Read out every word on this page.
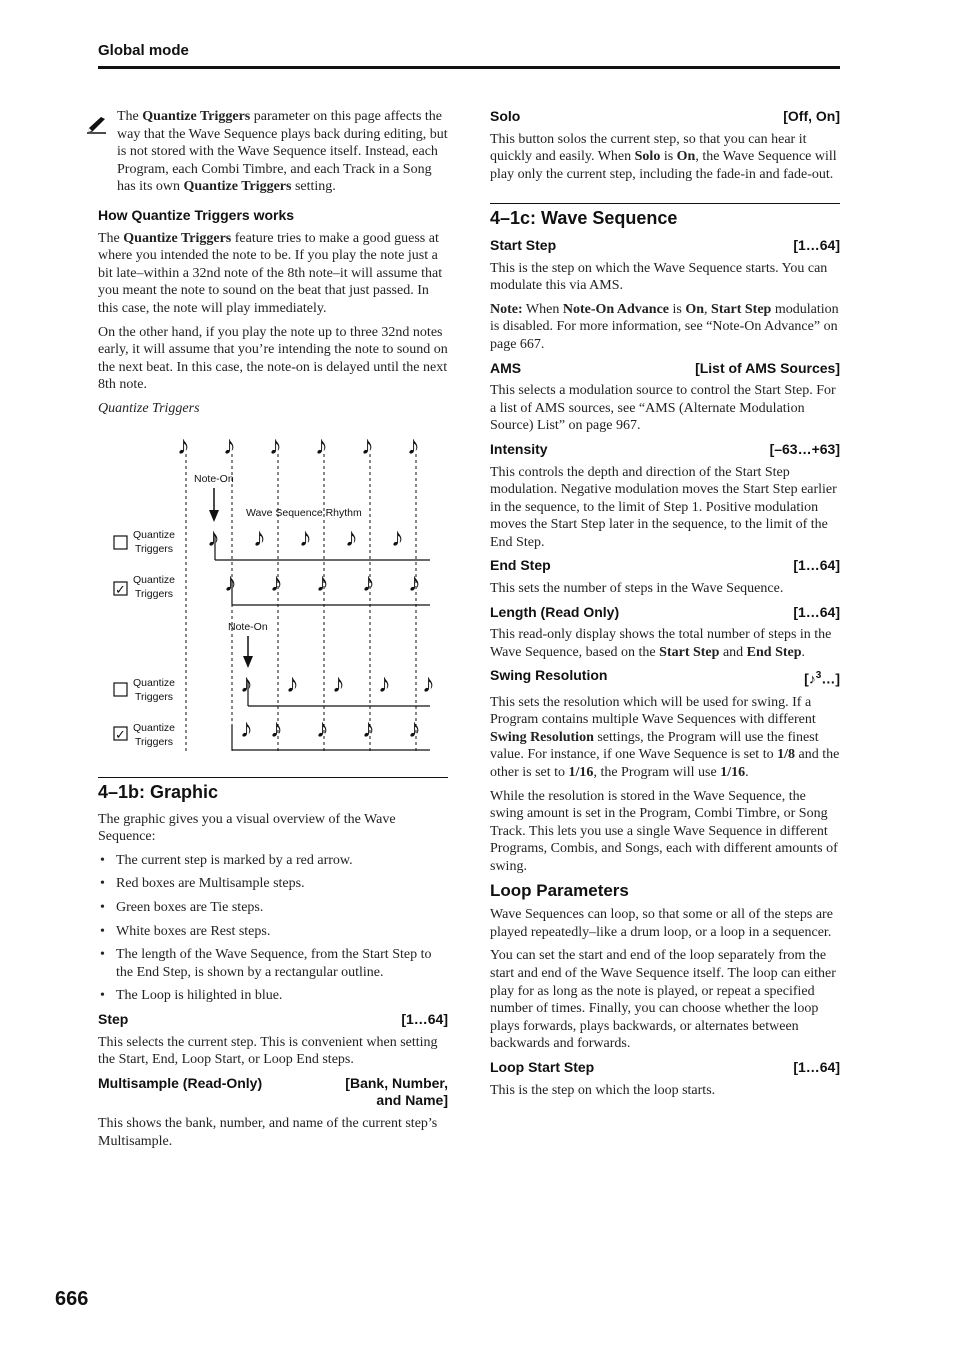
Global mode

The Quantize Triggers parameter on this page affects the way that the Wave Sequence plays back during editing, but is not stored with the Wave Sequence itself. Instead, each Program, each Combi Timbre, and each Track in a Song has its own Quantize Triggers setting.

How Quantize Triggers works

The Quantize Triggers feature tries to make a good guess at where you intended the note to be. If you play the note just a bit late–within a 32nd note of the 8th note–it will assume that you meant the note to sound on the beat that just passed. In this case, the note will play immediately.

On the other hand, if you play the note up to three 32nd notes early, it will assume that you’re intending the note to sound on the next beat. In this case, the note-on is delayed until the next 8th note.

Quantize Triggers

♪ ♪ ♪ ♪ ♪ ♪
Note-On
Wave Sequence Rhythm
Quantize
Triggers ♪ ♪ ♪ ♪ ♪
✓
Quantize
Triggers ♪ ♪ ♪ ♪ ♪
Note-On
Quantize
Triggers	♪ ♪ ♪ ♪ ♪
✓ Quantize
Triggers	♪ ♪ ♪ ♪ ♪
4–1b: Graphic

The graphic gives you a visual overview of the Wave Sequence:

• The current step is marked by a red arrow.
• Red boxes are Multisample steps.
• Green boxes are Tie steps.
• White boxes are Rest steps.
• The length of the Wave Sequence, from the Start Step to the End Step, is shown by a rectangular outline.
• The Loop is hilighted in blue.
Step	[1…64]

This selects the current step. This is convenient when setting the Start, End, Loop Start, or Loop End steps.

Multisample (Read-Only)	[Bank, Number,
and Name]

This shows the bank, number, and name of the current step’s Multisample.

Solo	[Off, On]

This button solos the current step, so that you can hear it quickly and easily. When Solo is On, the Wave Sequence will play only the current step, including the fade-in and fade-out.

4–1c: Wave Sequence
Start Step	[1…64]

This is the step on which the Wave Sequence starts. You can modulate this via AMS.

Note: When Note-On Advance is On, Start Step modulation is disabled. For more information, see “Note-On Advance” on page 667.

AMS	[List of AMS Sources]

This selects a modulation source to control the Start Step. For a list of AMS sources, see “AMS (Alternate Modulation Source) List” on page 967.

Intensity	[–63…+63]

This controls the depth and direction of the Start Step modulation. Negative modulation moves the Start Step earlier in the sequence, to the limit of Step 1. Positive modulation moves the Start Step later in the sequence, to the limit of the End Step.

End Step	[1…64]

This sets the number of steps in the Wave Sequence.

Length (Read Only)	[1…64]

This read-only display shows the total number of steps in the Wave Sequence, based on the Start Step and End Step.

Swing Resolution	[♪$^3$…]

This sets the resolution which will be used for swing. If a Program contains multiple Wave Sequences with different Swing Resolution settings, the Program will use the finest value. For instance, if one Wave Sequence is set to 1/8 and the other is set to 1/16, the Program will use 1/16.

While the resolution is stored in the Wave Sequence, the swing amount is set in the Program, Combi Timbre, or Song Track. This lets you use a single Wave Sequence in different Programs, Combis, and Songs, each with different amounts of swing.

Loop Parameters

Wave Sequences can loop, so that some or all of the steps are played repeatedly–like a drum loop, or a loop in a sequencer.

You can set the start and end of the loop separately from the start and end of the Wave Sequence itself. The loop can either play for as long as the note is played, or repeat a specified number of times. Finally, you can choose whether the loop plays forwards, plays backwards, or alternates between backwards and forwards.

Loop Start Step	[1…64]

This is the step on which the loop starts.

666
